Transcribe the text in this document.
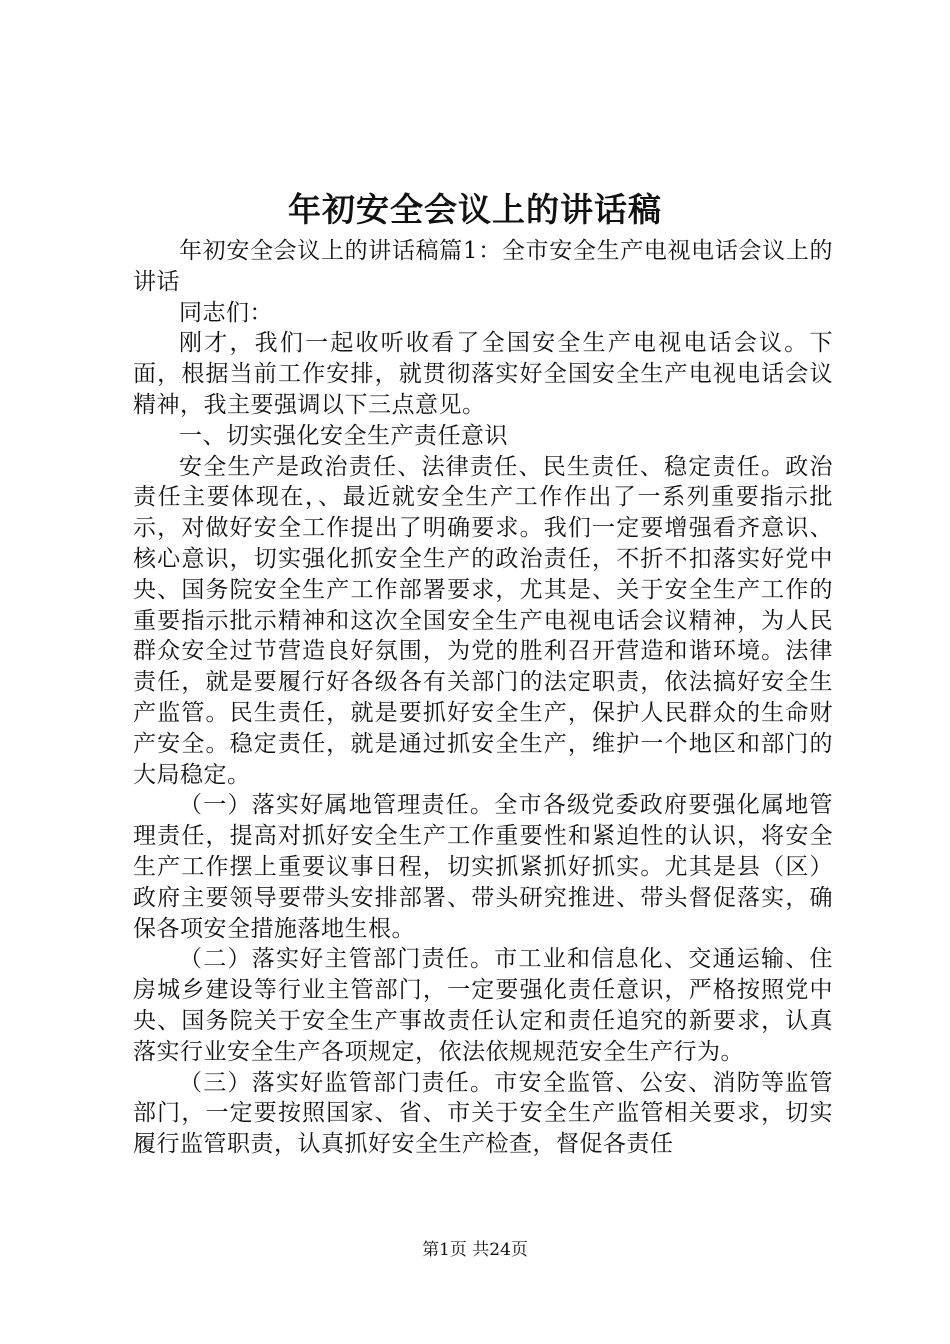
年初安全会议上的讲话稿

年初安全会议上的讲话稿篇1：全市安全生产电视电话会议上的讲话

同志们：

刚才，我们一起收听收看了全国安全生产电视电话会议。下面，根据当前工作安排，就贯彻落实好全国安全生产电视电话会议精神，我主要强调以下三点意见。

一、切实强化安全生产责任意识

安全生产是政治责任、法律责任、民生责任、稳定责任。政治责任主要体现在，、最近就安全生产工作作出了一系列重要指示批示，对做好安全工作提出了明确要求。我们一定要增强看齐意识、核心意识，切实强化抓安全生产的政治责任，不折不扣落实好党中央、国务院安全生产工作部署要求，尤其是、关于安全生产工作的重要指示批示精神和这次全国安全生产电视电话会议精神，为人民群众安全过节营造良好氛围，为党的胜利召开营造和谐环境。法律责任，就是要履行好各级各有关部门的法定职责，依法搞好安全生产监管。民生责任，就是要抓好安全生产，保护人民群众的生命财产安全。稳定责任，就是通过抓安全生产，维护一个地区和部门的大局稳定。

（一）落实好属地管理责任。全市各级党委政府要强化属地管理责任，提高对抓好安全生产工作重要性和紧迫性的认识，将安全生产工作摆上重要议事日程，切实抓紧抓好抓实。尤其是县（区）政府主要领导要带头安排部署、带头研究推进、带头督促落实，确保各项安全措施落地生根。

（二）落实好主管部门责任。市工业和信息化、交通运输、住房城乡建设等行业主管部门，一定要强化责任意识，严格按照党中央、国务院关于安全生产事故责任认定和责任追究的新要求，认真落实行业安全生产各项规定，依法依规规范安全生产行为。

（三）落实好监管部门责任。市安全监管、公安、消防等监管部门，一定要按照国家、省、市关于安全生产监管相关要求，切实履行监管职责，认真抓好安全生产检查，督促各责任

第1页 共24页
